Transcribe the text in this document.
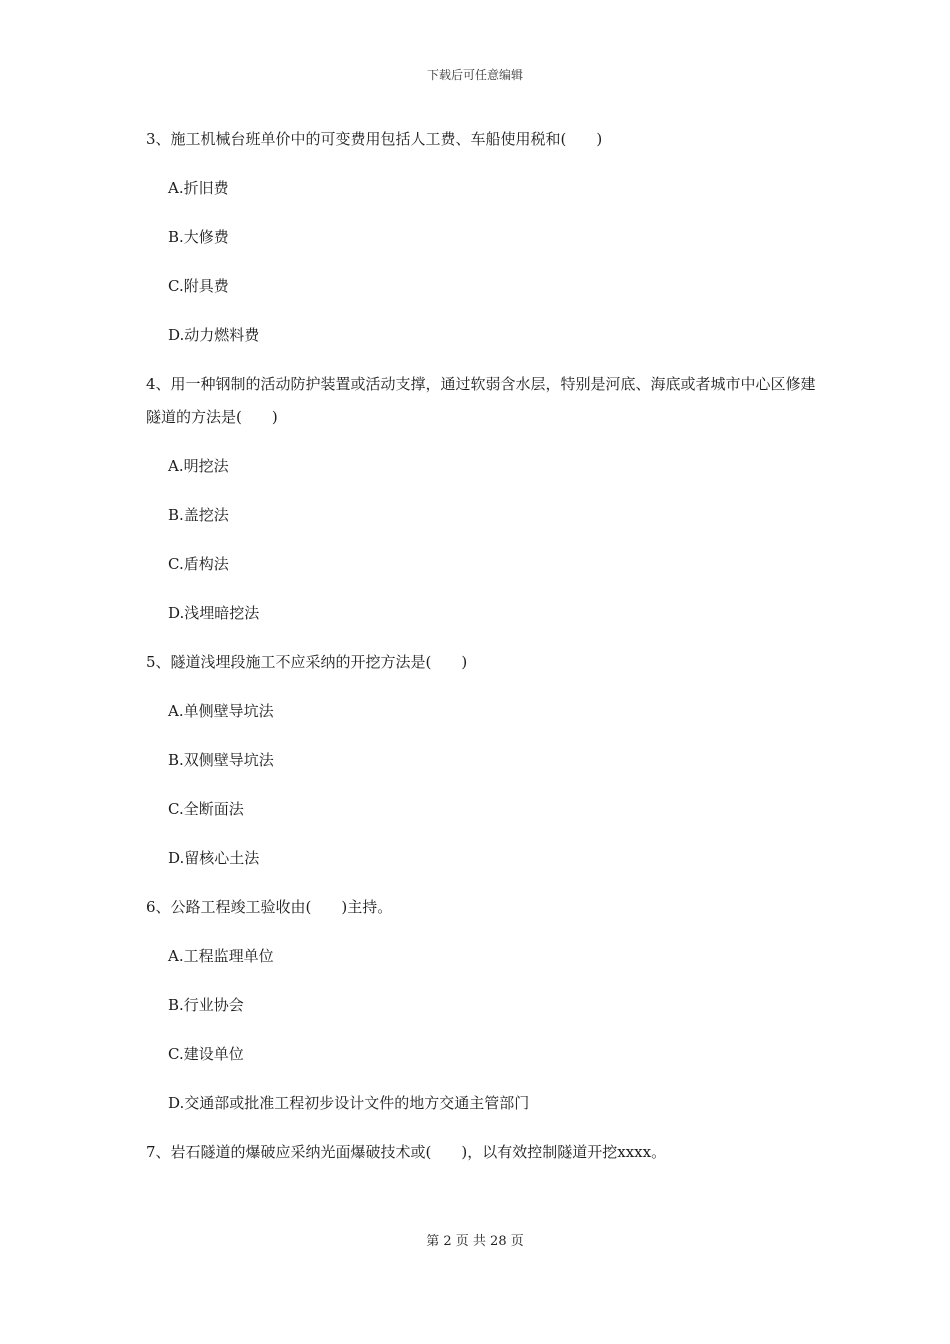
下载后可任意编辑
3、施工机械台班单价中的可变费用包括人工费、车船使用税和(　　)
A.折旧费
B.大修费
C.附具费
D.动力燃料费
4、用一种钢制的活动防护装置或活动支撑，通过软弱含水层，特别是河底、海底或者城市中心区修建隧道的方法是(　　)
A.明挖法
B.盖挖法
C.盾构法
D.浅埋暗挖法
5、隧道浅埋段施工不应采纳的开挖方法是(　　)
A.单侧壁导坑法
B.双侧壁导坑法
C.全断面法
D.留核心土法
6、公路工程竣工验收由(　　)主持。
A.工程监理单位
B.行业协会
C.建设单位
D.交通部或批准工程初步设计文件的地方交通主管部门
7、岩石隧道的爆破应采纳光面爆破技术或(　　)，以有效控制隧道开挖xxxx。
第 2 页 共 28 页
